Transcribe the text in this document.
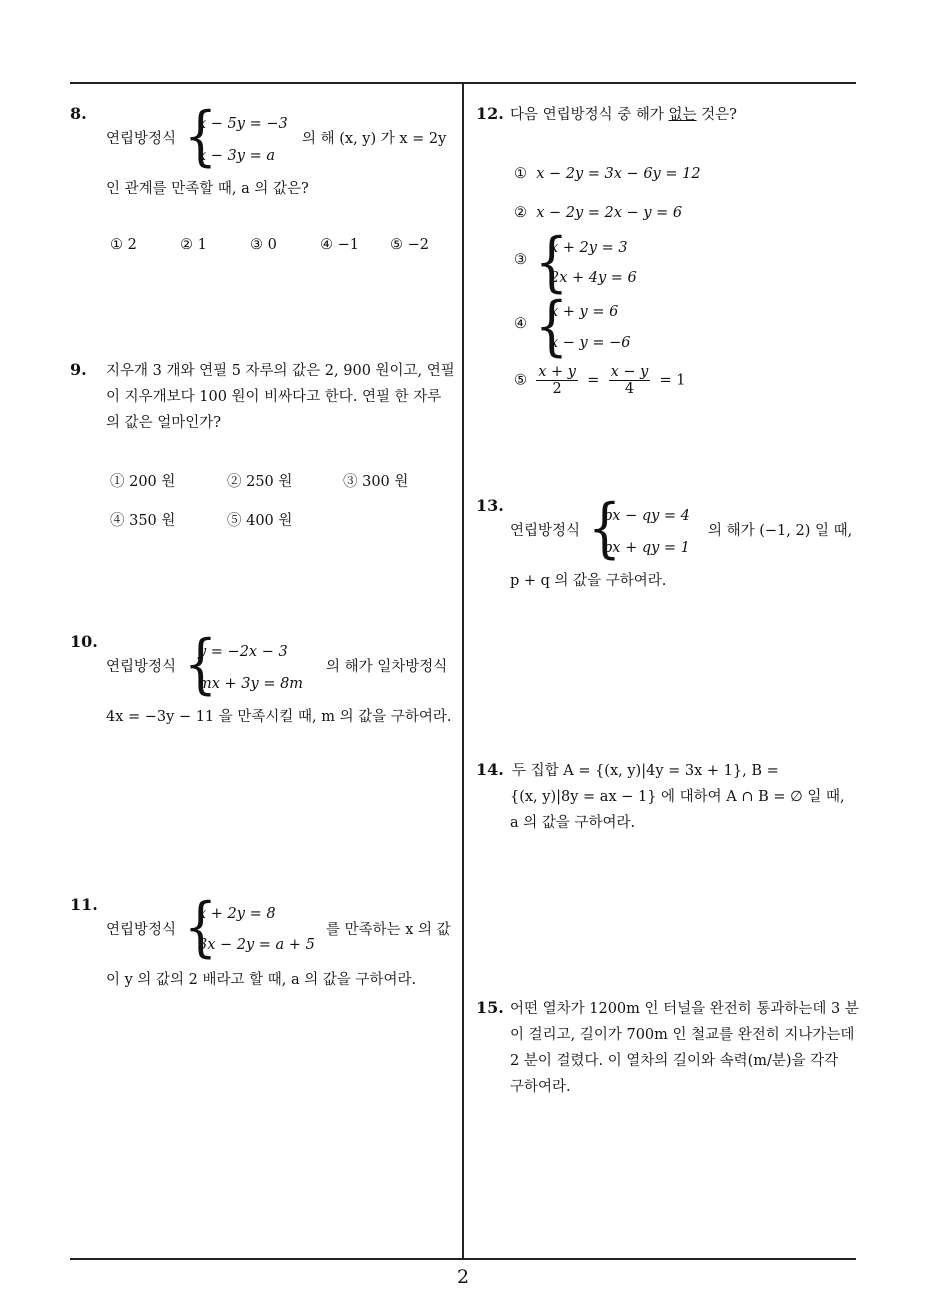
2
8.
연립방정식 {
x − 5y = −3
x − 3y = a
의 해 (x, y) 가 x = 2y
인 관계를 만족할 때, a 의 값은?
① 2	② 1	③ 0	④ −1 ⑤ −2
9. 지우개 3 개와 연필 5 자루의 값은 2, 900 원이고, 연필
이 지우개보다 100 원이 비싸다고 한다. 연필 한 자루
의 값은 얼마인가?
① 200 원	② 250 원	③ 300 원
④ 350 원	⑤ 400 원
10.
연립방정식 {
y = −2x − 3
mx + 3y = 8m
의 해가 일차방정식
4x = −3y − 11 을 만족시킬 때, m 의 값을 구하여라.
11.
연립방정식 {
x + 2y = 8
3x − 2y = a + 5
를 만족하는 x 의 값
이 y 의 값의 2 배라고 할 때, a 의 값을 구하여라.
12. 다음 연립방정식 중 해가 없는 것은?
① x − 2y = 3x − 6y = 12
② x − 2y = 2x − y = 6
③ {
x + 2y = 3
2x + 4y = 6
④ {
x + y = 6
x − y = −6
⑤ $\frac{x + y}{2} = \frac{x - y}{4} = 1$
13.
연립방정식 {
px − qy = 4
px + qy = 1
의 해가 (−1, 2) 일 때,
p + q 의 값을 구하여라.
14. 두 집합 A = {(x, y)|4y = 3x + 1}, B =
{(x, y)|8y = ax − 1} 에 대하여 A ∩ B = ∅ 일 때,
a 의 값을 구하여라.
15. 어떤 열차가 1200m 인 터널을 완전히 통과하는데 3 분
이 걸리고, 길이가 700m 인 철교를 완전히 지나가는데
2 분이 걸렸다. 이 열차의 길이와 속력(m/분)을 각각
구하여라.
